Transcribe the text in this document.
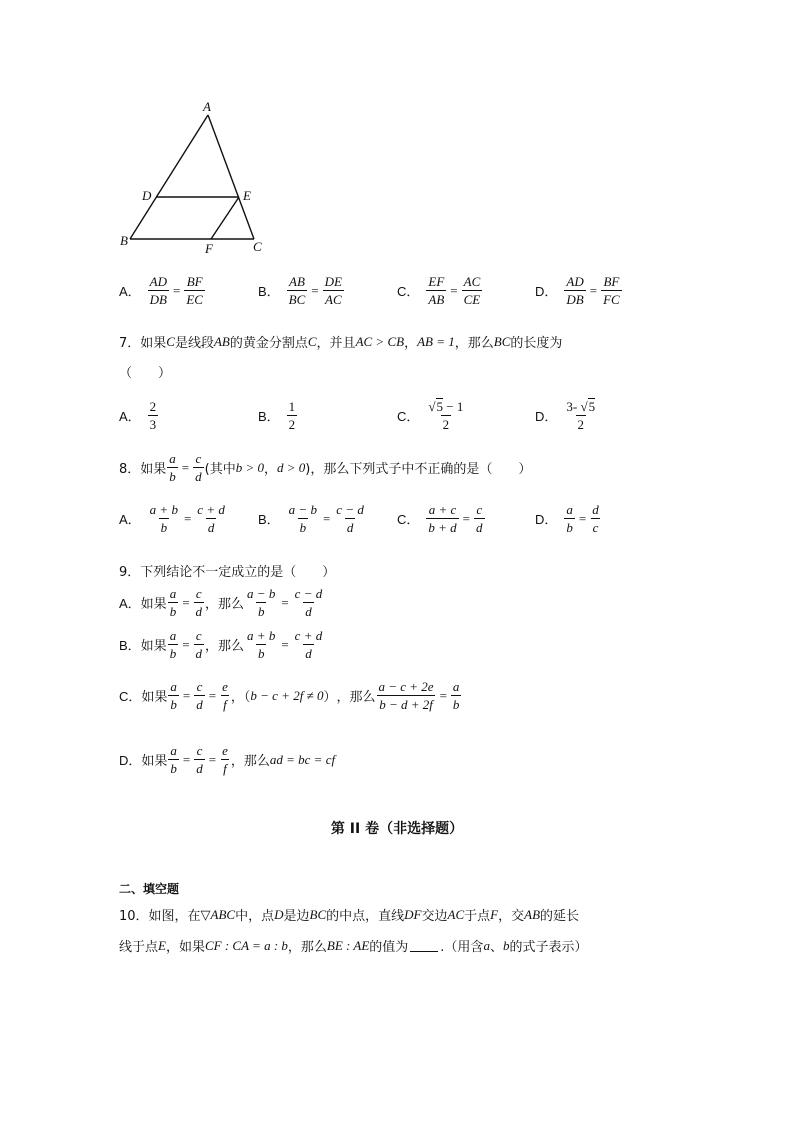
A
D	E
B
F	C
A． $\frac{AD}{DB} = \frac{BF}{EC}$	B． $\frac{AB}{BC} = \frac{DE}{AC}$	C． $\frac{EF}{AB} = \frac{AC}{CE}$	D． $\frac{AD}{DB} = \frac{BF}{FC}$
7．如果 C 是线段 AB 的黄金分割点 C ，并且 AC > CB ， AB = 1 ，那么 BC 的长度为
（　　）
A． $\frac{2}{3}$	B． $\frac{1}{2}$	C． $\frac{√5 - 1}{2}$	D． $\frac{3- √5}{2}$
8．如果 $\frac{a}{b} = \frac{c}{d}$ (其中 b > 0 ， d > 0 )，那么下列式子中不正确的是（　　）
A． $\frac{a + b}{b} = \frac{c + d}{d}$ B． $\frac{a - b}{b} = \frac{c - d}{d}$ C． $\frac{a + c}{b + d} = \frac{c}{d}$	D． $\frac{a}{b} = \frac{d}{c}$
9．下列结论不一定成立的是（　　）
A． 如果 $\frac{a}{b} = \frac{c}{d}$ ，那么 $\frac{a - b}{b} = \frac{c - d}{d}$
B． 如果 $\frac{a}{b} = \frac{c}{d}$ ，那么 $\frac{a + b}{b} = \frac{c + d}{d}$
C． 如果 $\frac{a}{b} = \frac{c}{d} = \frac{e}{f}$ ，（ b − c + 2f ≠ 0 ） ，那么 $\frac{a - c + 2e}{b - d + 2f} = \frac{a}{b}$
D． 如果 $\frac{a}{b} = \frac{c}{d} = \frac{e}{f}$ ，那么 ad = bc = cf
第 II 卷（非选择题）
二、填空题
10．如图，在 ▽ABC 中，点 D 是边 BC 的中点，直线 DF 交边 AC 于点 F ，交 AB 的延长
线于点 E ，如果 CF : CA = a : b ，那么 BE : AE 的值为 .（用含 a 、 b 的式子表示）
